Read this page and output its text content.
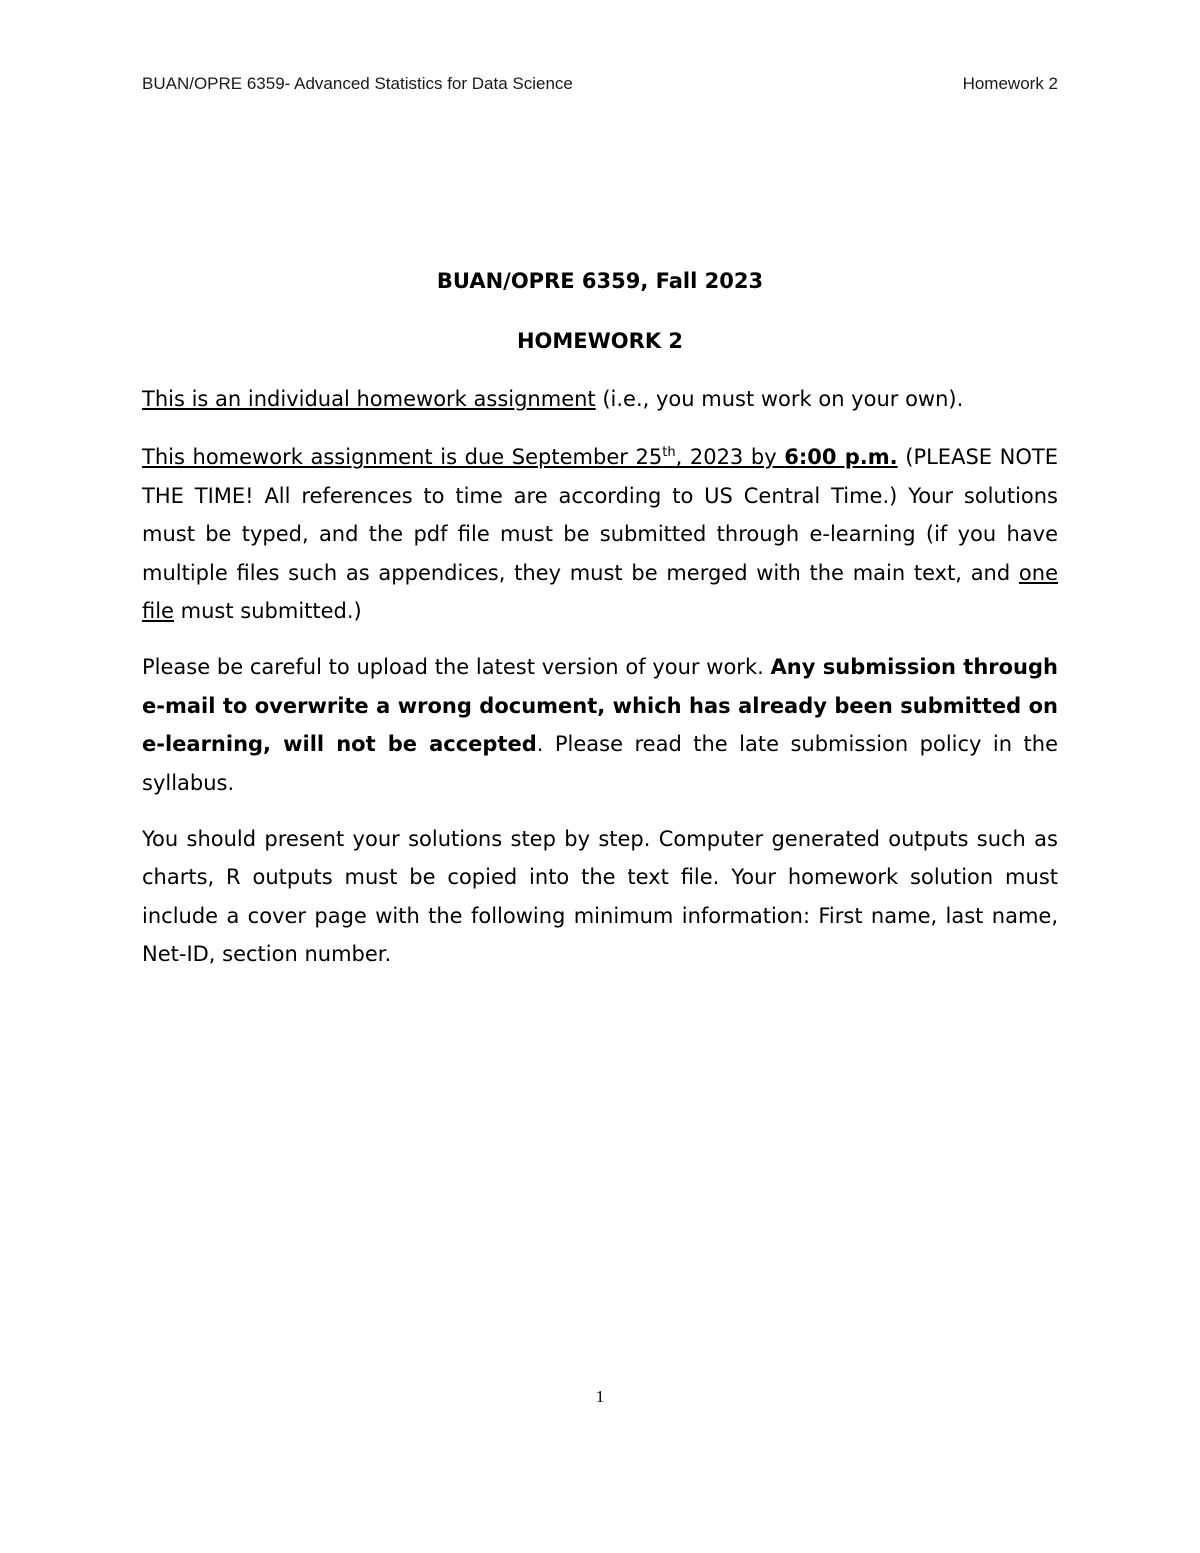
BUAN/OPRE 6359- Advanced Statistics for Data Science	Homework 2
BUAN/OPRE 6359, Fall 2023
HOMEWORK 2

This is an individual homework assignment (i.e., you must work on your own).

This homework assignment is due September 25th, 2023 by 6:00 p.m. (PLEASE NOTE THE TIME! All references to time are according to US Central Time.) Your solutions must be typed, and the pdf file must be submitted through e-learning (if you have multiple files such as appendices, they must be merged with the main text, and one file must submitted.)

Please be careful to upload the latest version of your work. Any submission through e-mail to overwrite a wrong document, which has already been submitted on e-learning, will not be accepted. Please read the late submission policy in the syllabus.

You should present your solutions step by step. Computer generated outputs such as charts, R outputs must be copied into the text file. Your homework solution must include a cover page with the following minimum information: First name, last name, Net-ID, section number.

1
